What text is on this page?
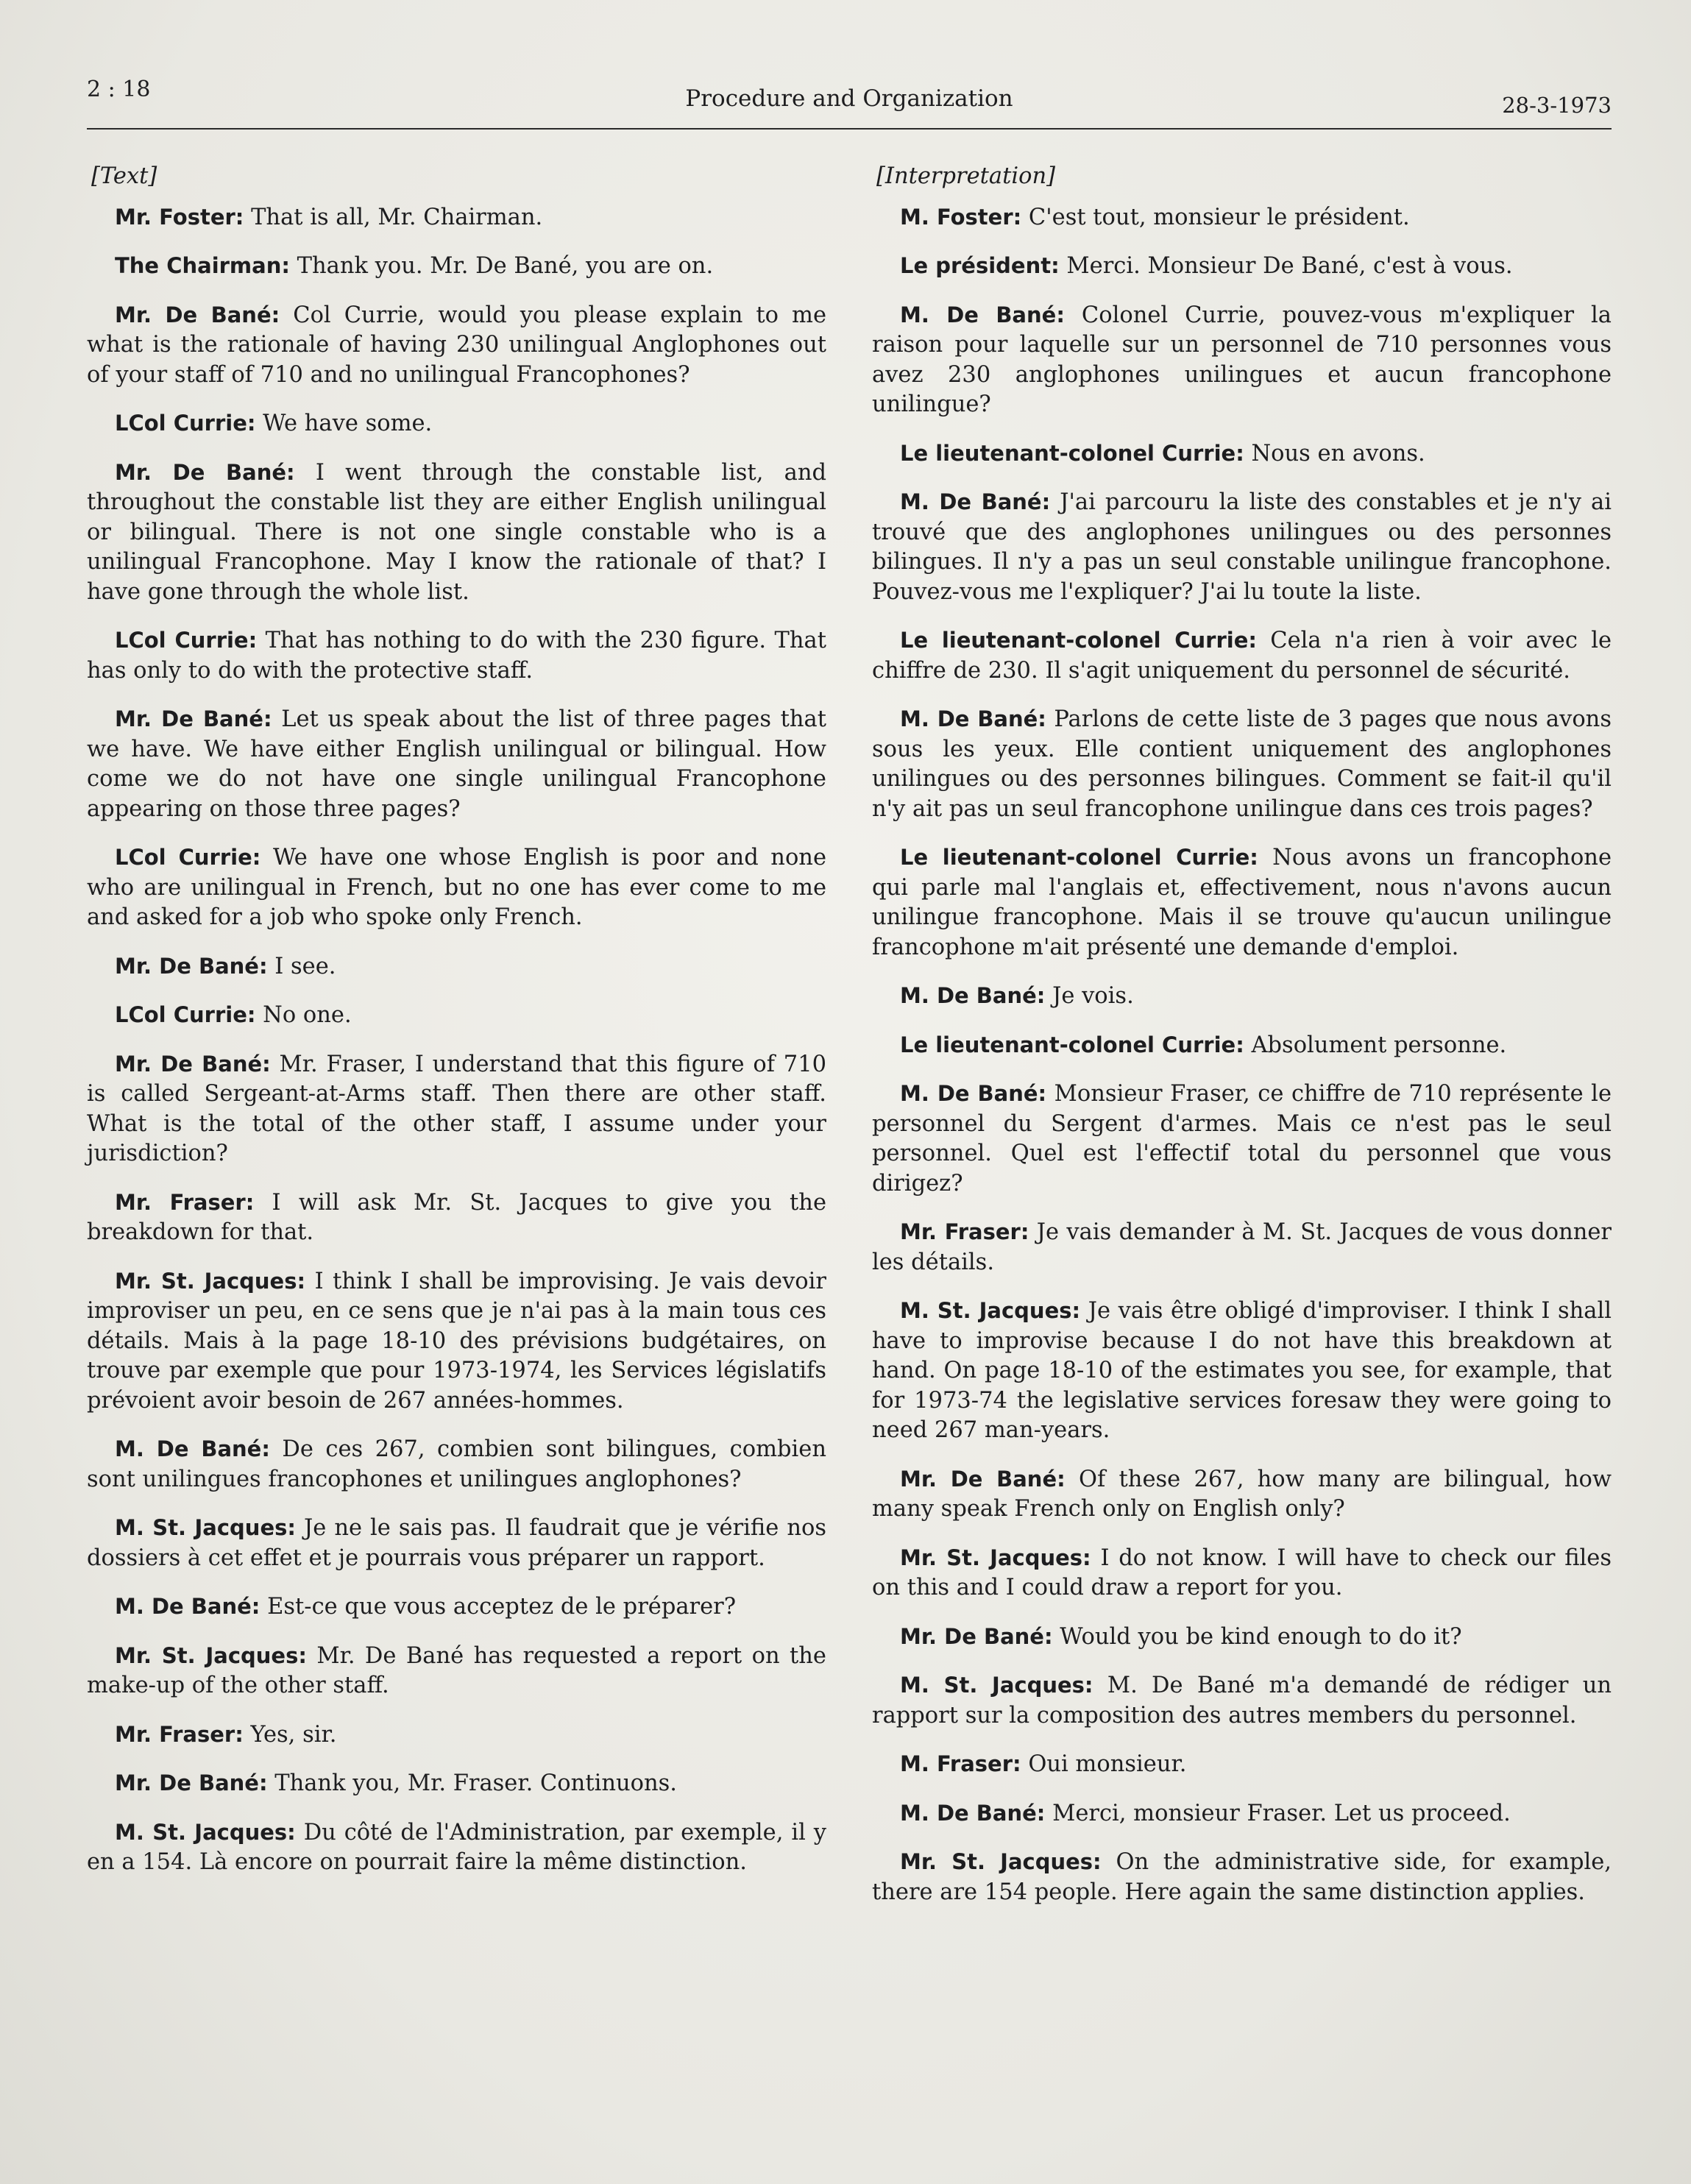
2 : 18	Procedure and Organization	28-3-1973
[Text]
Mr. Foster: That is all, Mr. Chairman.
The Chairman: Thank you. Mr. De Bané, you are on.
Mr. De Bané: Col Currie, would you please explain to me what is the rationale of having 230 unilingual Anglophones out of your staff of 710 and no unilingual Francophones?
LCol Currie: We have some.
Mr. De Bané: I went through the constable list, and throughout the constable list they are either English unilingual or bilingual. There is not one single constable who is a unilingual Francophone. May I know the rationale of that? I have gone through the whole list.
LCol Currie: That has nothing to do with the 230 figure. That has only to do with the protective staff.
Mr. De Bané: Let us speak about the list of three pages that we have. We have either English unilingual or bilingual. How come we do not have one single unilingual Francophone appearing on those three pages?
LCol Currie: We have one whose English is poor and none who are unilingual in French, but no one has ever come to me and asked for a job who spoke only French.
Mr. De Bané: I see.
LCol Currie: No one.
Mr. De Bané: Mr. Fraser, I understand that this figure of 710 is called Sergeant-at-Arms staff. Then there are other staff. What is the total of the other staff, I assume under your jurisdiction?
Mr. Fraser: I will ask Mr. St. Jacques to give you the breakdown for that.
Mr. St. Jacques: I think I shall be improvising. Je vais devoir improviser un peu, en ce sens que je n'ai pas à la main tous ces détails. Mais à la page 18-10 des prévisions budgétaires, on trouve par exemple que pour 1973-1974, les Services législatifs prévoient avoir besoin de 267 années-hommes.
M. De Bané: De ces 267, combien sont bilingues, combien sont unilingues francophones et unilingues anglophones?
M. St. Jacques: Je ne le sais pas. Il faudrait que je vérifie nos dossiers à cet effet et je pourrais vous préparer un rapport.
M. De Bané: Est-ce que vous acceptez de le préparer?
Mr. St. Jacques: Mr. De Bané has requested a report on the make-up of the other staff.
Mr. Fraser: Yes, sir.
Mr. De Bané: Thank you, Mr. Fraser. Continuons.
M. St. Jacques: Du côté de l'Administration, par exemple, il y en a 154. Là encore on pourrait faire la même distinction.
[Interpretation]
M. Foster: C'est tout, monsieur le président.
Le président: Merci. Monsieur De Bané, c'est à vous.
M. De Bané: Colonel Currie, pouvez-vous m'expliquer la raison pour laquelle sur un personnel de 710 personnes vous avez 230 anglophones unilingues et aucun francophone unilingue?
Le lieutenant-colonel Currie: Nous en avons.
M. De Bané: J'ai parcouru la liste des constables et je n'y ai trouvé que des anglophones unilingues ou des personnes bilingues. Il n'y a pas un seul constable unilingue francophone. Pouvez-vous me l'expliquer? J'ai lu toute la liste.
Le lieutenant-colonel Currie: Cela n'a rien à voir avec le chiffre de 230. Il s'agit uniquement du personnel de sécurité.
M. De Bané: Parlons de cette liste de 3 pages que nous avons sous les yeux. Elle contient uniquement des anglophones unilingues ou des personnes bilingues. Comment se fait-il qu'il n'y ait pas un seul francophone unilingue dans ces trois pages?
Le lieutenant-colonel Currie: Nous avons un francophone qui parle mal l'anglais et, effectivement, nous n'avons aucun unilingue francophone. Mais il se trouve qu'aucun unilingue francophone m'ait présenté une demande d'emploi.
M. De Bané: Je vois.
Le lieutenant-colonel Currie: Absolument personne.
M. De Bané: Monsieur Fraser, ce chiffre de 710 représente le personnel du Sergent d'armes. Mais ce n'est pas le seul personnel. Quel est l'effectif total du personnel que vous dirigez?
Mr. Fraser: Je vais demander à M. St. Jacques de vous donner les détails.
M. St. Jacques: Je vais être obligé d'improviser. I think I shall have to improvise because I do not have this breakdown at hand. On page 18-10 of the estimates you see, for example, that for 1973-74 the legislative services foresaw they were going to need 267 man-years.
Mr. De Bané: Of these 267, how many are bilingual, how many speak French only on English only?
Mr. St. Jacques: I do not know. I will have to check our files on this and I could draw a report for you.
Mr. De Bané: Would you be kind enough to do it?
M. St. Jacques: M. De Bané m'a demandé de rédiger un rapport sur la composition des autres members du personnel.
M. Fraser: Oui monsieur.
M. De Bané: Merci, monsieur Fraser. Let us proceed.
Mr. St. Jacques: On the administrative side, for example, there are 154 people. Here again the same distinction applies.
